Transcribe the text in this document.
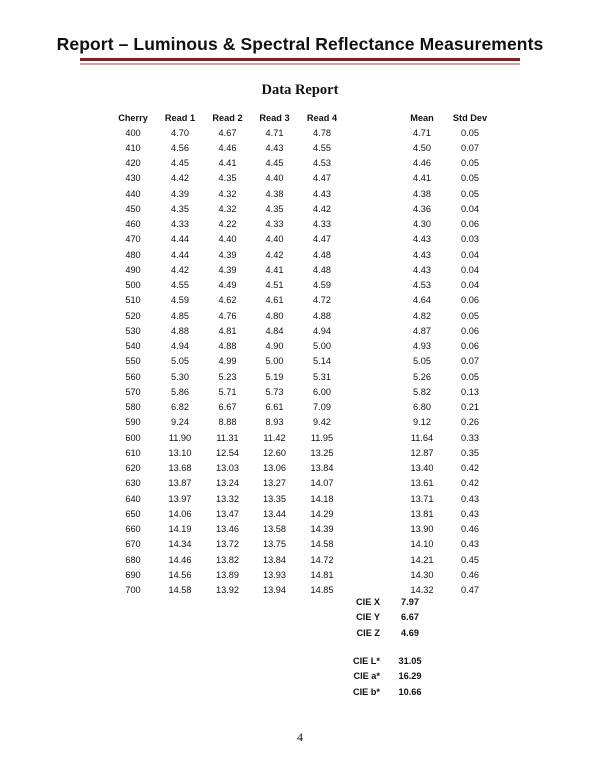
Report – Luminous & Spectral Reflectance Measurements
Data Report
Cherry	Read 1	Read 2	Read 3	Read 4		Mean	Std Dev
400	4.70	4.67	4.71	4.78		4.71	0.05
410	4.56	4.46	4.43	4.55		4.50	0.07
420	4.45	4.41	4.45	4.53		4.46	0.05
430	4.42	4.35	4.40	4.47		4.41	0.05
440	4.39	4.32	4.38	4.43		4.38	0.05
450	4.35	4.32	4.35	4.42		4.36	0.04
460	4.33	4.22	4.33	4.33		4.30	0.06
470	4.44	4.40	4.40	4.47		4.43	0.03
480	4.44	4.39	4.42	4.48		4.43	0.04
490	4.42	4.39	4.41	4.48		4.43	0.04
500	4.55	4.49	4.51	4.59		4.53	0.04
510	4.59	4.62	4.61	4.72		4.64	0.06
520	4.85	4.76	4.80	4.88		4.82	0.05
530	4.88	4.81	4.84	4.94		4.87	0.06
540	4.94	4.88	4.90	5.00		4.93	0.06
550	5.05	4.99	5.00	5.14		5.05	0.07
560	5.30	5.23	5.19	5.31		5.26	0.05
570	5.86	5.71	5.73	6.00		5.82	0.13
580	6.82	6.67	6.61	7.09		6.80	0.21
590	9.24	8.88	8.93	9.42		9.12	0.26
600	11.90	11.31	11.42	11.95		11.64	0.33
610	13.10	12.54	12.60	13.25		12.87	0.35
620	13.68	13.03	13.06	13.84		13.40	0.42
630	13.87	13.24	13.27	14.07		13.61	0.42
640	13.97	13.32	13.35	14.18		13.71	0.43
650	14.06	13.47	13.44	14.29		13.81	0.43
660	14.19	13.46	13.58	14.39		13.90	0.46
670	14.34	13.72	13.75	14.58		14.10	0.43
680	14.46	13.82	13.84	14.72		14.21	0.45
690	14.56	13.89	13.93	14.81		14.30	0.46
700	14.58	13.92	13.94	14.85		14.32	0.47
CIE X	7.97
CIE Y	6.67
CIE Z	4.69
CIE L*	31.05
CIE a*	16.29
CIE b*	10.66
4
